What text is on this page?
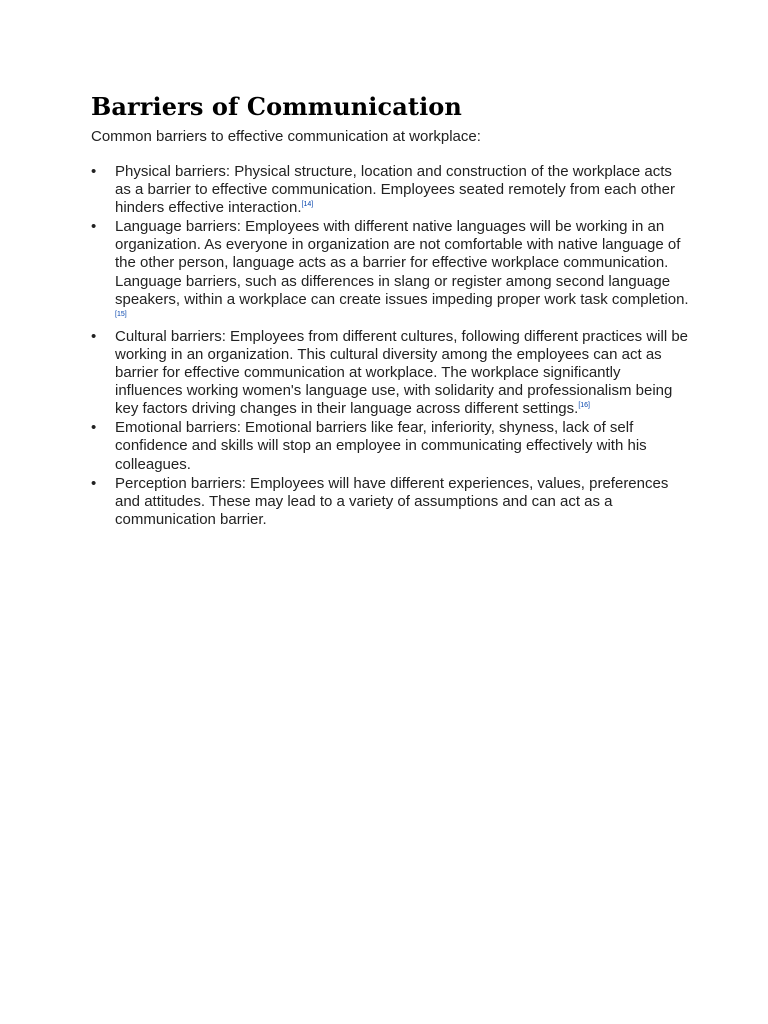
Barriers of Communication

Common barriers to effective communication at workplace:

•	Physical barriers: Physical structure, location and construction of the workplace acts as a barrier to effective communication. Employees seated remotely from each other hinders effective interaction.[14]
•	Language barriers: Employees with different native languages will be working in an organization. As everyone in organization are not comfortable with native language of the other person, language acts as a barrier for effective workplace communication. Language barriers, such as differences in slang or register among second language speakers, within a workplace can create issues impeding proper work task completion.[15]
•	Cultural barriers: Employees from different cultures, following different practices will be working in an organization. This cultural diversity among the employees can act as barrier for effective communication at workplace. The workplace significantly influences working women's language use, with solidarity and professionalism being key factors driving changes in their language across different settings.[16]
•	Emotional barriers: Emotional barriers like fear, inferiority, shyness, lack of self confidence and skills will stop an employee in communicating effectively with his colleagues.
•	Perception barriers: Employees will have different experiences, values, preferences and attitudes. These may lead to a variety of assumptions and can act as a communication barrier.
